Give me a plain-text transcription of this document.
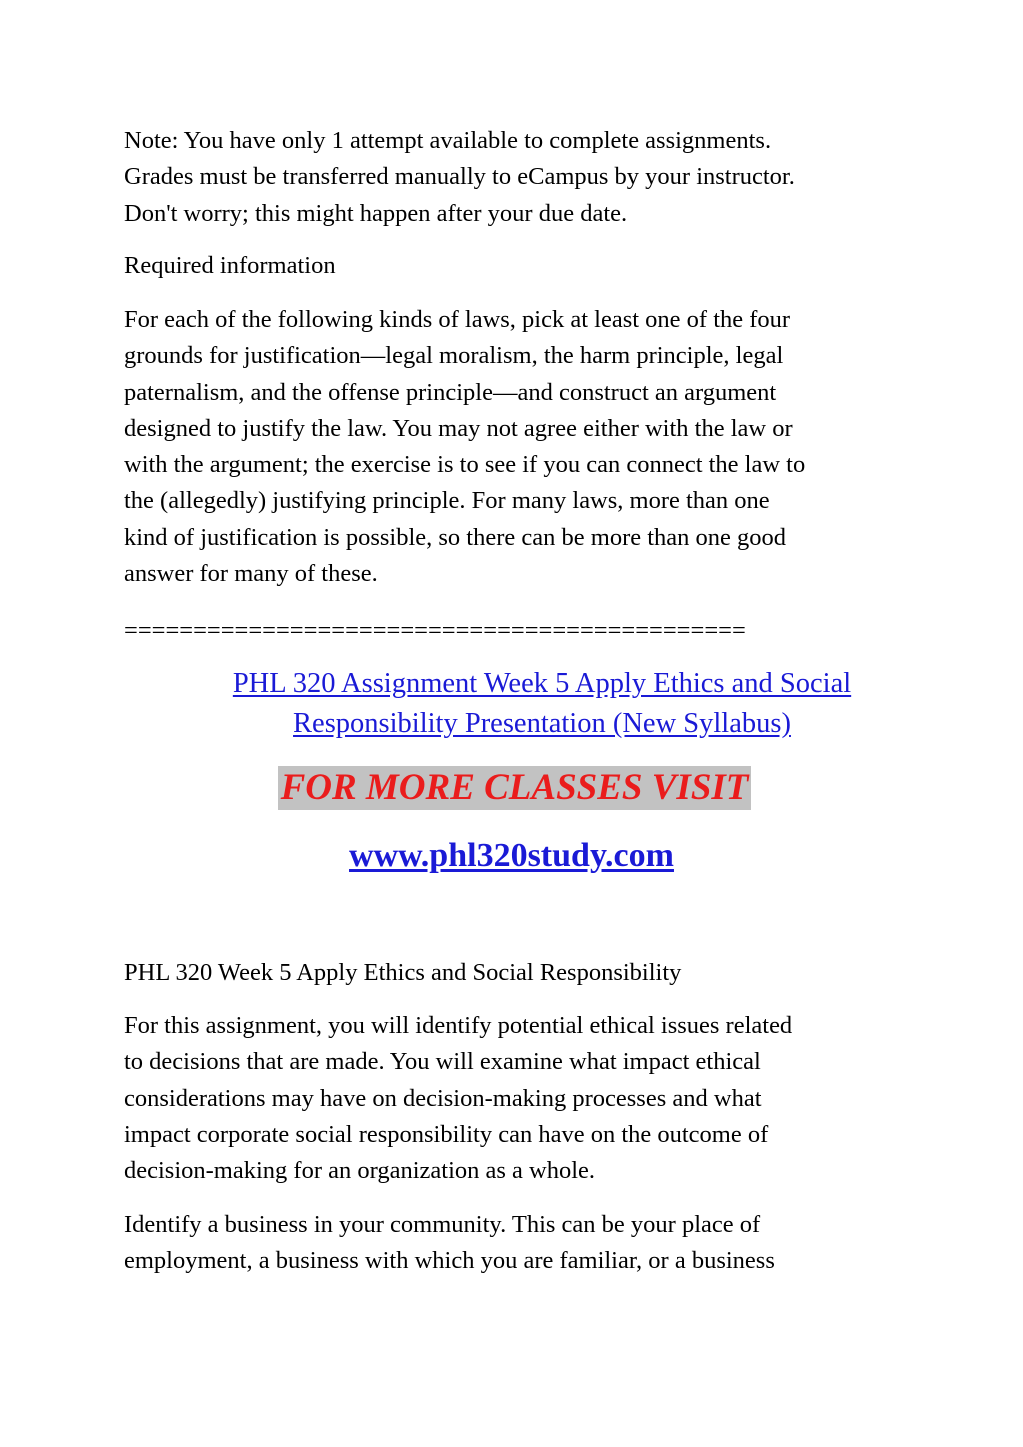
Note: You have only 1 attempt available to complete assignments.
Grades must be transferred manually to eCampus by your instructor.
Don't worry; this might happen after your due date.
Required information
For each of the following kinds of laws, pick at least one of the four
grounds for justification—legal moralism, the harm principle, legal
paternalism, and the offense principle—and construct an argument
designed to justify the law. You may not agree either with the law or
with the argument; the exercise is to see if you can connect the law to
the (allegedly) justifying principle. For many laws, more than one
kind of justification is possible, so there can be more than one good
answer for many of these.
=============================================
PHL 320 Assignment Week 5 Apply Ethics and Social
Responsibility Presentation (New Syllabus)
FOR MORE CLASSES VISIT
www.phl320study.com
PHL 320 Week 5 Apply Ethics and Social Responsibility
For this assignment, you will identify potential ethical issues related
to decisions that are made. You will examine what impact ethical
considerations may have on decision-making processes and what
impact corporate social responsibility can have on the outcome of
decision-making for an organization as a whole.
Identify a business in your community. This can be your place of
employment, a business with which you are familiar, or a business
